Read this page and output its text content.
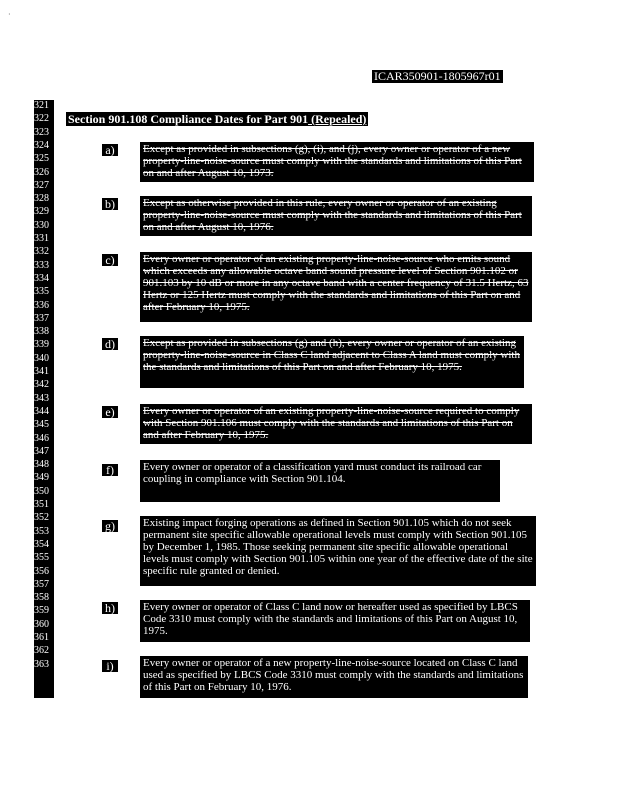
·
ICAR350901-1805967r01
321
322
323
324
325
326
327
328
329
330
331
332
333
334
335
336
337
338
339
340
341
342
343
344
345
346
347
348
349
350
351
352
353
354
355
356
357
358
359
360
361
362
363
Section 901.108 Compliance Dates for Part 901 (Repealed)
a)	Except as provided in subsections (g), (i), and (j), every owner or operator of a new property-line-noise-source must comply with the standards and limitations of this Part on and after August 10, 1973.
b)	Except as otherwise provided in this rule, every owner or operator of an existing property-line-noise-source must comply with the standards and limitations of this Part on and after August 10, 1976.
c)	Every owner or operator of an existing property-line-noise-source who emits sound which exceeds any allowable octave band sound pressure level of Section 901.102 or 901.103 by 10 dB or more in any octave band with a center frequency of 31.5 Hertz, 63 Hertz or 125 Hertz must comply with the standards and limitations of this Part on and after February 10, 1975.
d)	Except as provided in subsections (g) and (h), every owner or operator of an existing property-line-noise-source in Class C land adjacent to Class A land must comply with the standards and limitations of this Part on and after February 10, 1975.
e)	Every owner or operator of an existing property-line-noise-source required to comply with Section 901.106 must comply with the standards and limitations of this Part on and after February 10, 1975.
f)	Every owner or operator of a classification yard must conduct its railroad car coupling in compliance with Section 901.104.
g)	Existing impact forging operations as defined in Section 901.105 which do not seek permanent site specific allowable operational levels must comply with Section 901.105 by December 1, 1985. Those seeking permanent site specific allowable operational levels must comply with Section 901.105 within one year of the effective date of the site specific rule granted or denied.
h)	Every owner or operator of Class C land now or hereafter used as specified by LBCS Code 3310 must comply with the standards and limitations of this Part on August 10, 1975.
i)	Every owner or operator of a new property-line-noise-source located on Class C land used as specified by LBCS Code 3310 must comply with the standards and limitations of this Part on February 10, 1976.
